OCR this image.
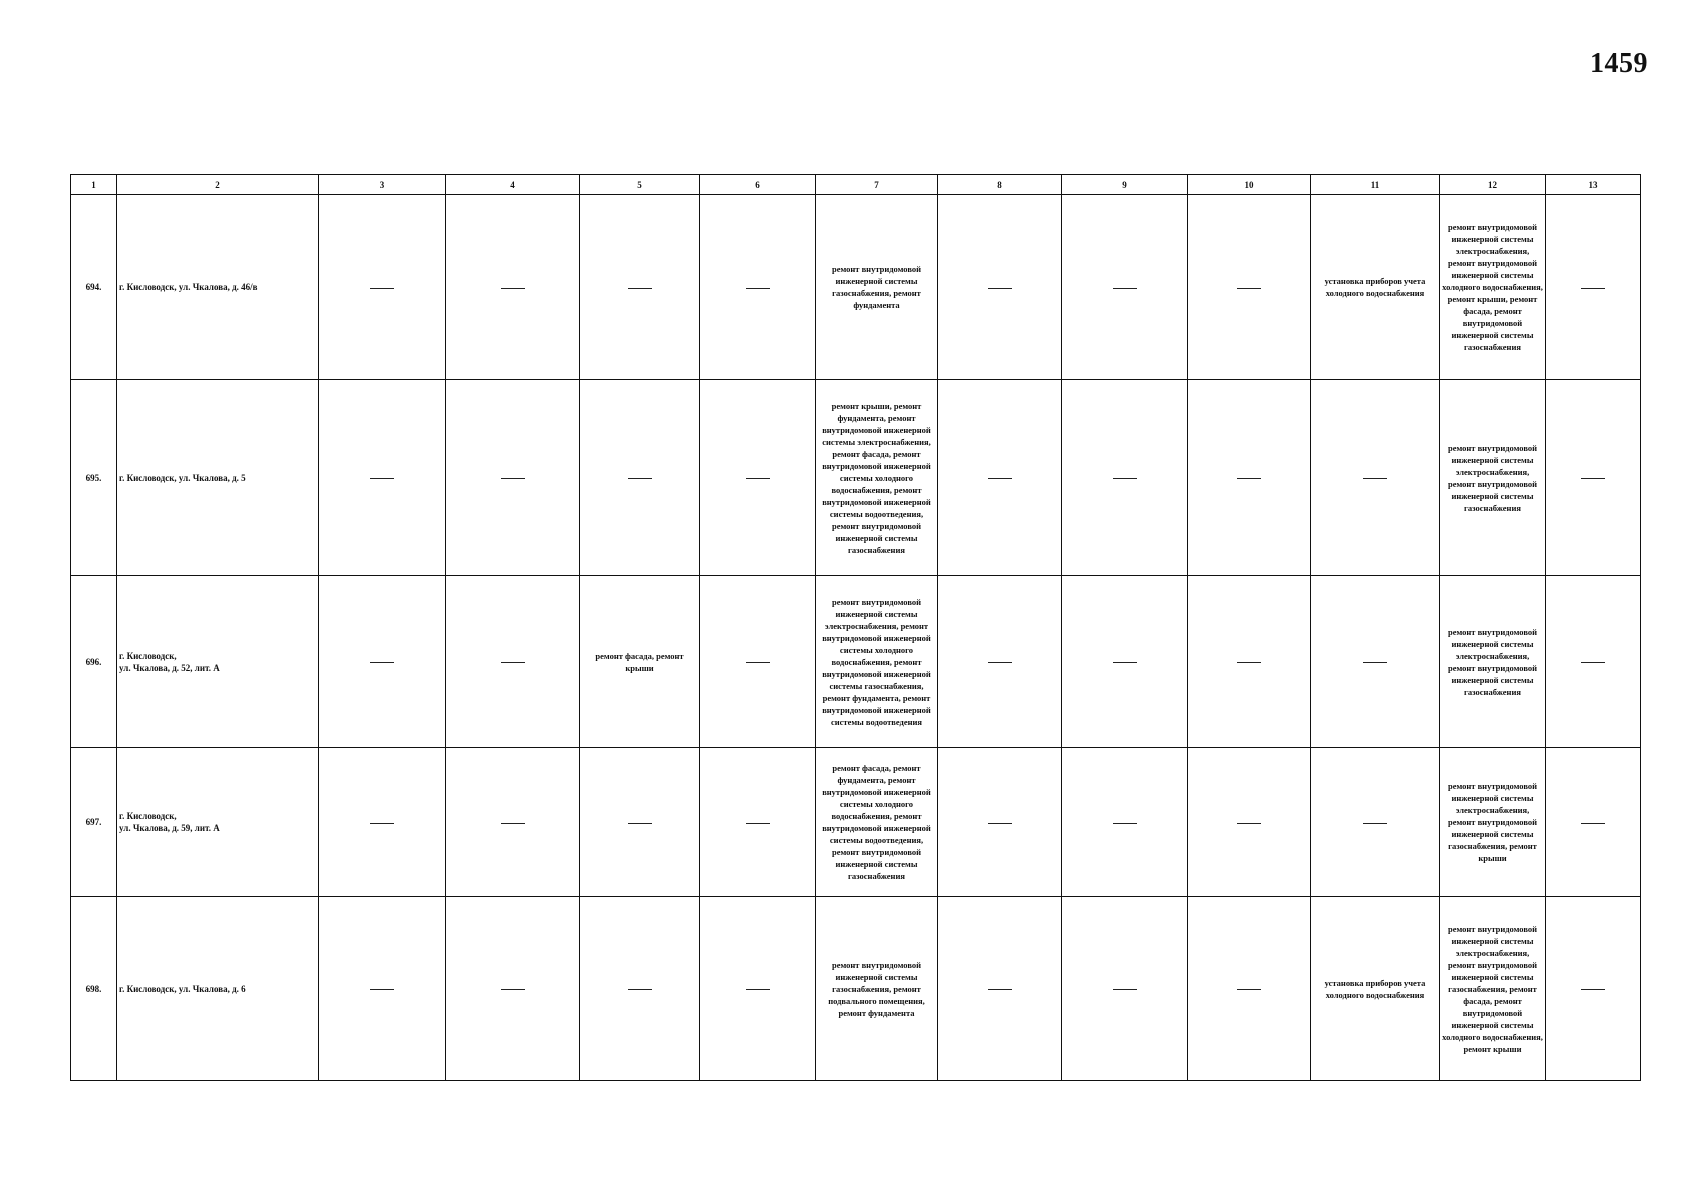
1459
1	2	3	4	5	6	7	8	9	10	11	12	13
694.	г. Кисловодск, ул. Чкалова, д. 46/в					ремонт внутридомовой инженерной системы газоснабжения, ремонт фундамента				установка приборов учета холодного водоснабжения	ремонт внутридомовой инженерной системы электроснабжения, ремонт внутридомовой инженерной системы холодного водоснабжения, ремонт крыши, ремонт фасада, ремонт внутридомовой инженерной системы газоснабжения	
695.	г. Кисловодск, ул. Чкалова, д. 5					ремонт крыши, ремонт фундамента, ремонт внутридомовой инженерной системы электроснабжения, ремонт фасада, ремонт внутридомовой инженерной системы холодного водоснабжения, ремонт внутридомовой инженерной системы водоотведения, ремонт внутридомовой инженерной системы газоснабжения					ремонт внутридомовой инженерной системы электроснабжения, ремонт внутридомовой инженерной системы газоснабжения	
696.	г. Кисловодск,
ул. Чкалова, д. 52, лит. А			ремонт фасада, ремонт крыши		ремонт внутридомовой инженерной системы электроснабжения, ремонт внутридомовой инженерной системы холодного водоснабжения, ремонт внутридомовой инженерной системы газоснабжения, ремонт фундамента, ремонт внутридомовой инженерной системы водоотведения					ремонт внутридомовой инженерной системы электроснабжения, ремонт внутридомовой инженерной системы газоснабжения	
697.	г. Кисловодск,
ул. Чкалова, д. 59, лит. А					ремонт фасада, ремонт фундамента, ремонт внутридомовой инженерной системы холодного водоснабжения, ремонт внутридомовой инженерной системы водоотведения, ремонт внутридомовой инженерной системы газоснабжения					ремонт внутридомовой инженерной системы электроснабжения, ремонт внутридомовой инженерной системы газоснабжения, ремонт крыши	
698.	г. Кисловодск, ул. Чкалова, д. 6					ремонт внутридомовой инженерной системы газоснабжения, ремонт подвального помещения, ремонт фундамента				установка приборов учета холодного водоснабжения	ремонт внутридомовой инженерной системы электроснабжения, ремонт внутридомовой инженерной системы газоснабжения, ремонт фасада, ремонт внутридомовой инженерной системы холодного водоснабжения, ремонт крыши	
